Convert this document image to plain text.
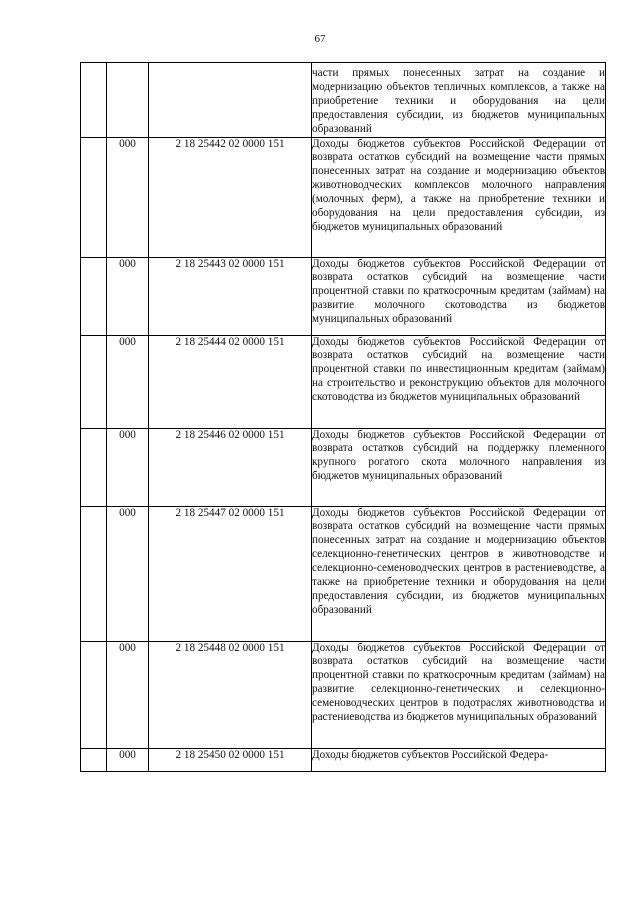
67

			части прямых понесенных затрат на создание и модернизацию объектов тепличных комплексов, а также на приобретение техники и оборудования на цели предоставления субсидии, из бюджетов муниципальных образований

	000	2 18 25442 02 0000 151	Доходы бюджетов субъектов Российской Федерации от возврата остатков субсидий на возмещение части прямых понесенных затрат на создание и модернизацию объектов животноводческих комплексов молочного направления (молочных ферм), а также на приобретение техники и оборудования на цели предоставления субсидии, из бюджетов муниципальных образований

	000	2 18 25443 02 0000 151	Доходы бюджетов субъектов Российской Федерации от возврата остатков субсидий на возмещение части процентной ставки по краткосрочным кредитам (займам) на развитие молочного скотоводства из бюджетов муниципальных образований

	000	2 18 25444 02 0000 151	Доходы бюджетов субъектов Российской Федерации от возврата остатков субсидий на возмещение части процентной ставки по инвестиционным кредитам (займам) на строительство и реконструкцию объектов для молочного скотоводства из бюджетов муниципальных образований

	000	2 18 25446 02 0000 151	Доходы бюджетов субъектов Российской Федерации от возврата остатков субсидий на поддержку племенного крупного рогатого скота молочного направления из бюджетов муниципальных образований

	000	2 18 25447 02 0000 151	Доходы бюджетов субъектов Российской Федерации от возврата остатков субсидий на возмещение части прямых понесенных затрат на создание и модернизацию объектов селекционно-генетических центров в животноводстве и селекционно-семеноводческих центров в растениеводстве, а также на приобретение техники и оборудования на цели предоставления субсидии, из бюджетов муниципальных образований

	000	2 18 25448 02 0000 151	Доходы бюджетов субъектов Российской Федерации от возврата остатков субсидий на возмещение части процентной ставки по краткосрочным кредитам (займам) на развитие селекционно-генетических и селекционно-семеноводческих центров в подотраслях животноводства и растениеводства из бюджетов муниципальных образований

	000	2 18 25450 02 0000 151	Доходы бюджетов субъектов Российской Федера-
